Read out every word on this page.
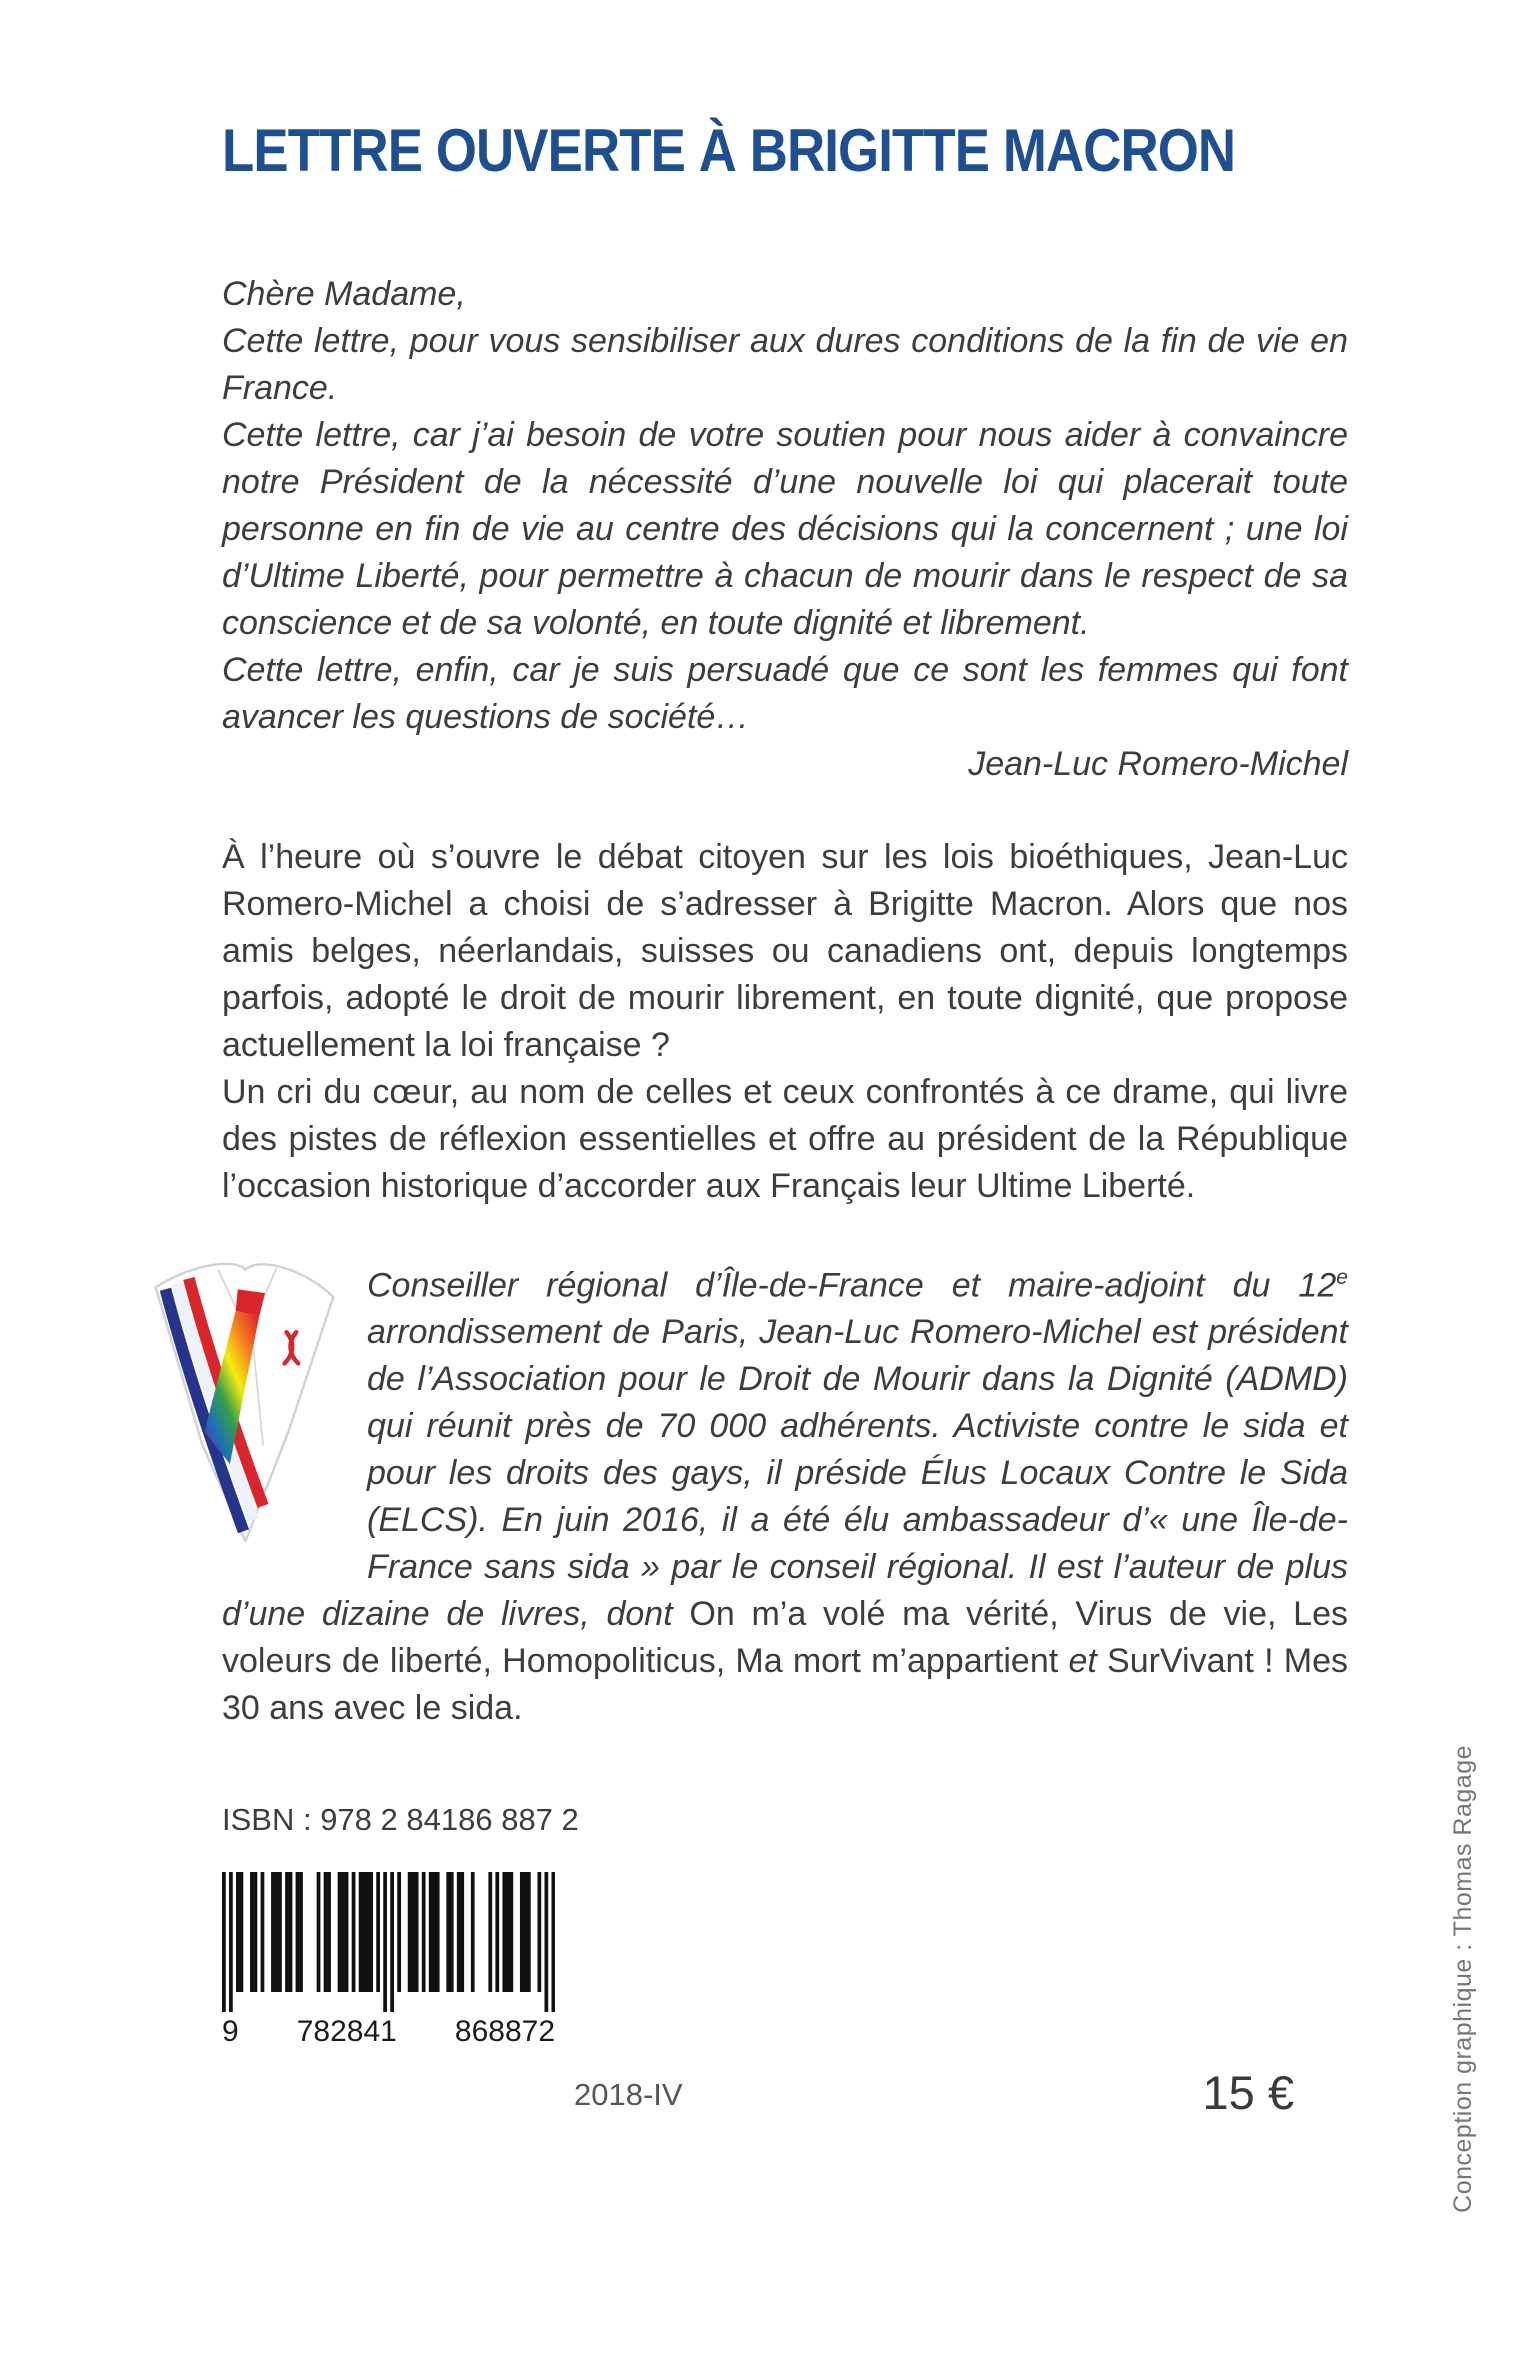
LETTRE OUVERTE À BRIGITTE MACRON

Chère Madame,

Cette lettre, pour vous sensibiliser aux dures conditions de la fin de vie en France.

Cette lettre, car j’ai besoin de votre soutien pour nous aider à convaincre notre Président de la nécessité d’une nouvelle loi qui placerait toute personne en fin de vie au centre des décisions qui la concernent ; une loi d’Ultime Liberté, pour permettre à chacun de mourir dans le respect de sa conscience et de sa volonté, en toute dignité et librement.

Cette lettre, enfin, car je suis persuadé que ce sont les femmes qui font avancer les questions de société…

Jean-Luc Romero-Michel

À l’heure où s’ouvre le débat citoyen sur les lois bioéthiques, Jean-Luc Romero-Michel a choisi de s’adresser à Brigitte Macron. Alors que nos amis belges, néerlandais, suisses ou canadiens ont, depuis longtemps parfois, adopté le droit de mourir librement, en toute dignité, que propose actuellement la loi française ?

Un cri du cœur, au nom de celles et ceux confrontés à ce drame, qui livre des pistes de réflexion essentielles et offre au président de la République l’occasion historique d’accorder aux Français leur Ultime Liberté.

Conseiller régional d’Île-de-France et maire-adjoint du 12e arrondissement de Paris, Jean-Luc Romero-Michel est président de l’Association pour le Droit de Mourir dans la Dignité (ADMD) qui réunit près de 70 000 adhérents. Activiste contre le sida et pour les droits des gays, il préside Élus Locaux Contre le Sida (ELCS). En juin 2016, il a été élu ambassadeur d’« une Île-de-France sans sida » par le conseil régional. Il est l’auteur de plus d’une dizaine de livres, dont On m’a volé ma vérité, Virus de vie, Les voleurs de liberté, Homopoliticus, Ma mort m’appartient et SurVivant ! Mes 30 ans avec le sida.

ISBN : 978 2 84186 887 2

9 782841 868872
2018-IV	15 €	Conception graphique : Thomas Ragage
